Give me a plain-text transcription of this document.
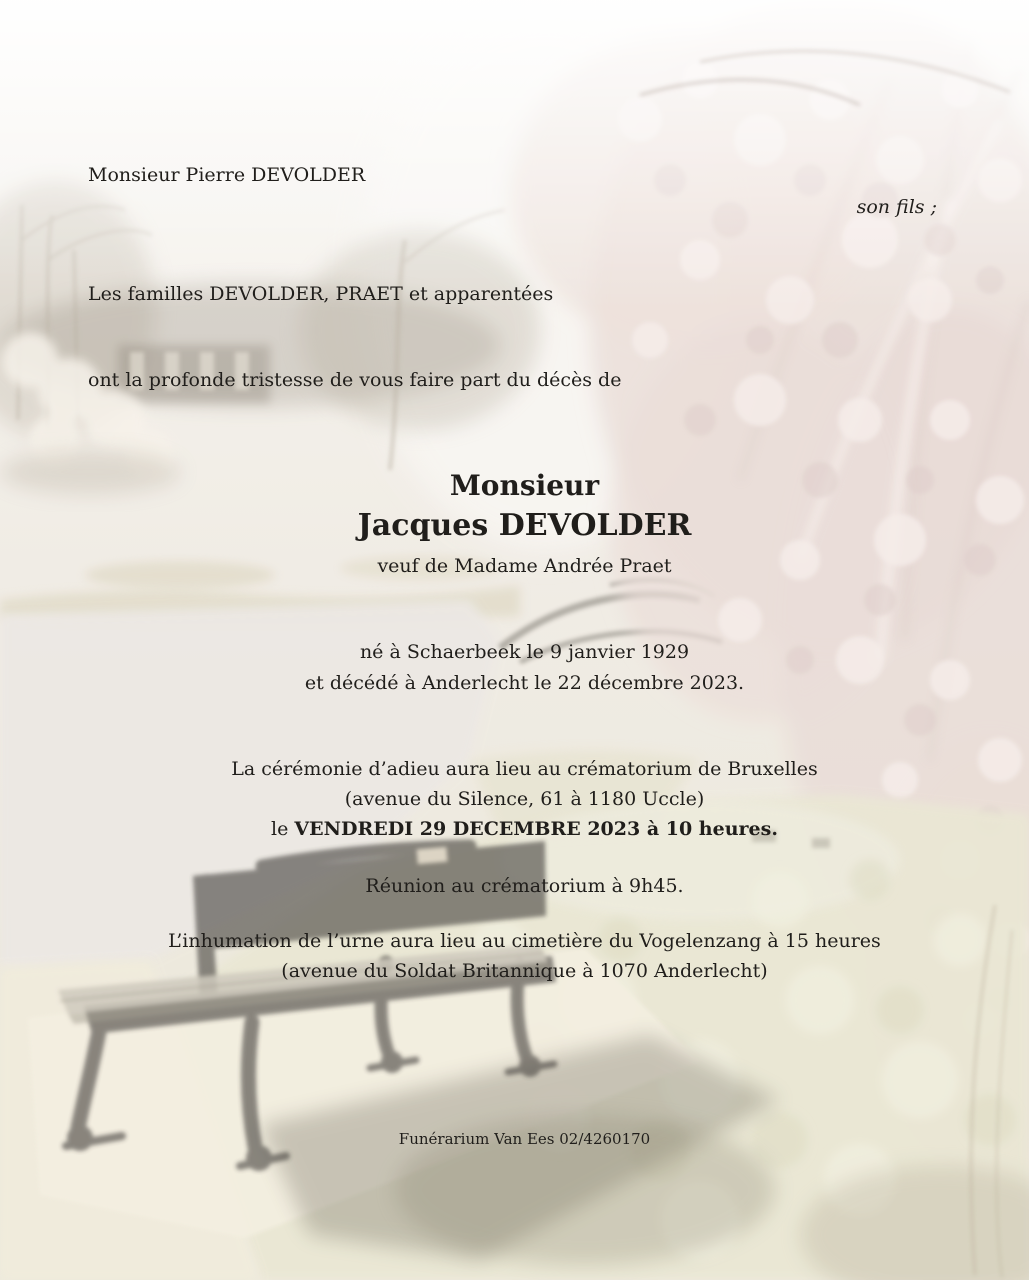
Monsieur Pierre DEVOLDER
son fils ;
Les familles DEVOLDER, PRAET et apparentées
ont la profonde tristesse de vous faire part du décès de
Monsieur
Jacques DEVOLDER
veuf de Madame Andrée Praet
né à Schaerbeek le 9 janvier 1929
et décédé à Anderlecht le 22 décembre 2023.
La cérémonie d’adieu aura lieu au crématorium de Bruxelles
(avenue du Silence, 61 à 1180 Uccle)
le VENDREDI 29 DECEMBRE 2023 à 10 heures.
Réunion au crématorium à 9h45.
L’inhumation de l’urne aura lieu au cimetière du Vogelenzang à 15 heures
(avenue du Soldat Britannique à 1070 Anderlecht)
Funérarium Van Ees 02/4260170
